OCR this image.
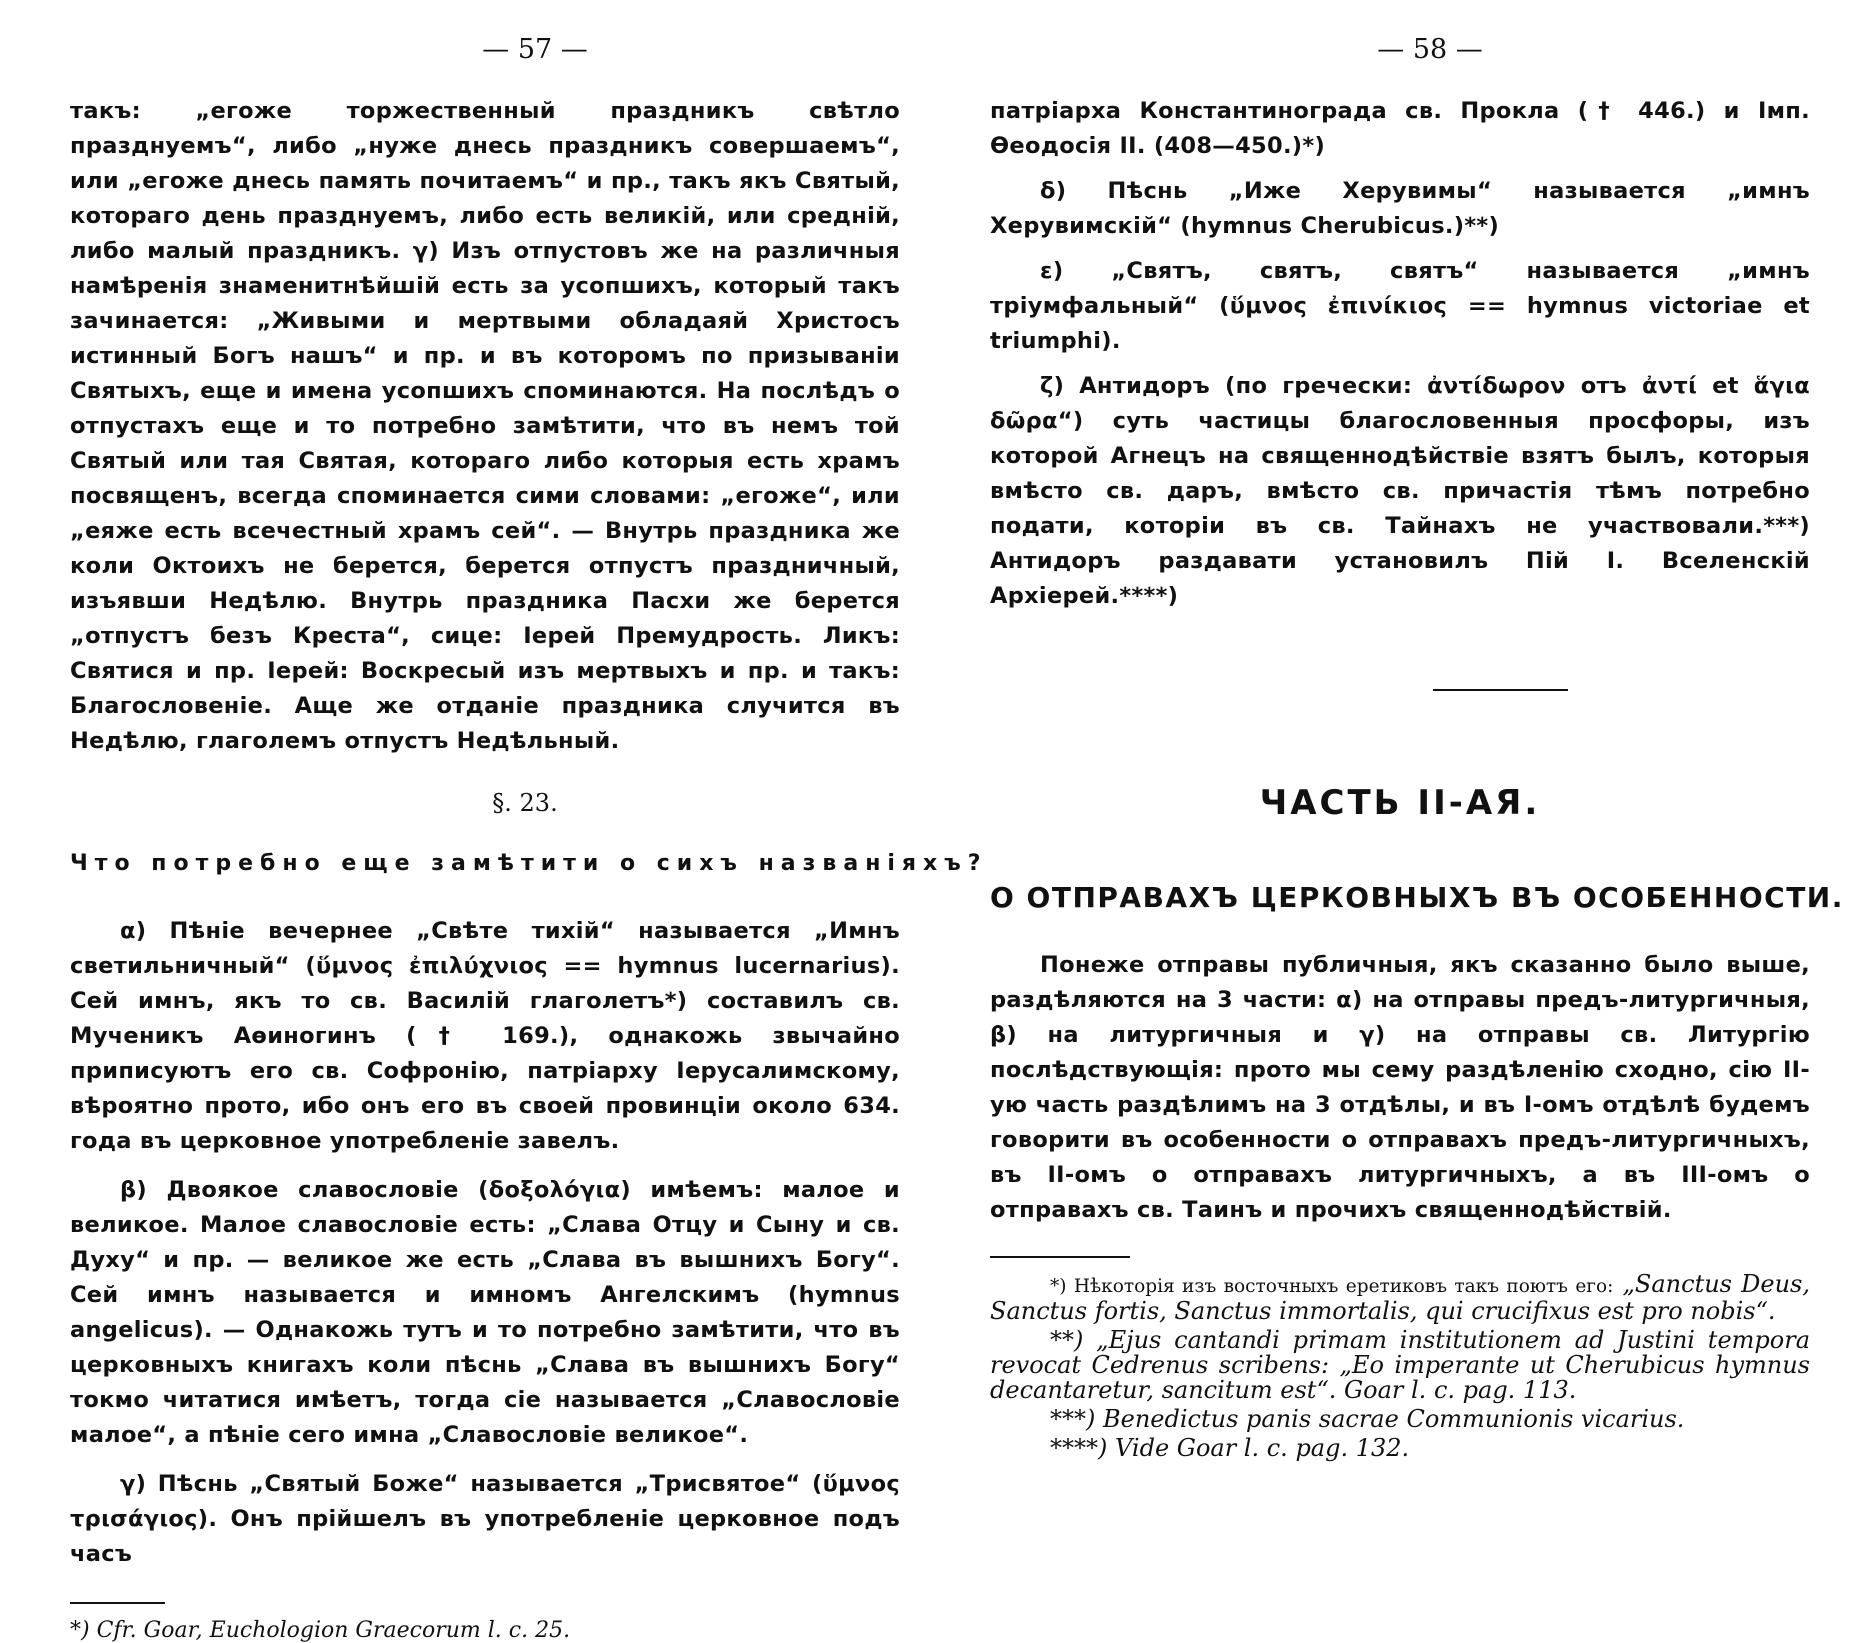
— 57 —

такъ: „егоже торжественный праздникъ свѣтло празднуемъ“, либо „нуже днесь праздникъ совершаемъ“, или „егоже днесь память почитаемъ“ и пр., такъ якъ Святый, котораго день празднуемъ, либо есть великій, или средній, либо малый праздникъ. γ) Изъ отпустовъ же на различныя намѣренія знаменитнѣйшій есть за усопшихъ, который такъ зачинается: „Живыми и мертвыми обладаяй Христосъ истинный Богъ нашъ“ и пр. и въ которомъ по призываніи Святыхъ, еще и имена усопшихъ споминаются. На послѣдъ о отпустахъ еще и то потребно замѣтити, что въ немъ той Святый или тая Святая, котораго либо которыя есть храмъ посвященъ, всегда споминается сими словами: „егоже“, или „еяже есть всечестный храмъ сей“. — Внутрь праздника же коли Октоихъ не берется, берется отпустъ праздничный, изъявши Недѣлю. Внутрь праздника Пасхи же берется „отпустъ безъ Креста“, сице: Іерей Премудрость. Ликъ: Святися и пр. Іерей: Воскресый изъ мертвыхъ и пр. и такъ: Благословеніе. Аще же отданіе праздника случится въ Недѣлю, глаголемъ отпустъ Недѣльный.

§. 23.
Что потребно еще замѣтити о сихъ названіяхъ?

α) Пѣніе вечернее „Свѣте тихій“ называется „Имнъ светильничный“ (ὕμνος ἐπιλύχνιος == hymnus lucernarius). Сей имнъ, якъ то св. Василій глаголетъ*) составилъ св. Мученикъ Аѳиногинъ († 169.), однакожь звычайно приписуютъ его св. Софронію, патріарху Іерусалимскому, вѣроятно прото, ибо онъ его въ своей провинціи около 634. года въ церковное употребленіе завелъ.

β) Двоякое славословіе (δοξολόγια) имѣемъ: малое и великое. Малое славословіе есть: „Слава Отцу и Сыну и св. Духу“ и пр. — великое же есть „Слава въ вышнихъ Богу“. Сей имнъ называется и имномъ Ангелскимъ (hymnus angelicus). — Однакожь тутъ и то потребно замѣтити, что въ церковныхъ книгахъ коли пѣснь „Слава въ вышнихъ Богу“ токмо читатися имѣетъ, тогда сіе называется „Славословіе малое“, а пѣніе сего имна „Славословіе великое“.

γ) Пѣснь „Святый Боже“ называется „Трисвятое“ (ὕμνος τρισάγιος). Онъ прійшелъ въ употребленіе церковное подъ часъ

*) Cfr. Goar, Euchologion Graecorum l. c. 25.
— 58 —

патріарха Константинограда св. Прокла († 446.) и Імп. Ѳеодосія II. (408—450.)*)

δ) Пѣснь „Иже Херувимы“ называется „имнъ Херувимскій“ (hymnus Cherubicus.)**)

ε) „Святъ, святъ, святъ“ называется „имнъ тріумфальный“ (ὕμνος ἐπινίκιος == hymnus victoriae et triumphi).

ζ) Антидоръ (по гречески: ἀντίδωρον отъ ἀντί et ἅγια δῶρα“) суть частицы благословенныя просфоры, изъ которой Агнецъ на священнодѣйствіе взятъ былъ, которыя вмѣсто св. даръ, вмѣсто св. причастія тѣмъ потребно подати, которіи въ св. Тайнахъ не участвовали.***) Антидоръ раздавати установилъ Пій І. Вселенскій Архіерей.****)

ЧАСТЬ II-АЯ.
О ОТПРАВАХЪ ЦЕРКОВНЫХЪ ВЪ ОСОБЕННОСТИ.

Понеже отправы публичныя, якъ сказанно было выше, раздѣляются на 3 части: α) на отправы предъ-литургичныя, β) на литургичныя и γ) на отправы св. Литургію послѣдствующія: прото мы сему раздѣленію сходно, сію II-ую часть раздѣлимъ на 3 отдѣлы, и въ I-омъ отдѣлѣ будемъ говорити въ особенности о отправахъ предъ-литургичныхъ, въ II-омъ о отправахъ литургичныхъ, а въ III-омъ о отправахъ св. Таинъ и прочихъ священнодѣйствій.

*) Нѣкоторія изъ восточныхъ еретиковъ такъ поютъ его: „Sanctus Deus, Sanctus fortis, Sanctus immortalis, qui crucifixus est pro nobis“.

**) „Ejus cantandi primam institutionem ad Justini tempora revocat Cedrenus scribens: „Eo imperante ut Cherubicus hymnus decantaretur, sancitum est“. Goar l. c. pag. 113.

***) Benedictus panis sacrae Communionis vicarius.

****) Vide Goar l. c. pag. 132.
